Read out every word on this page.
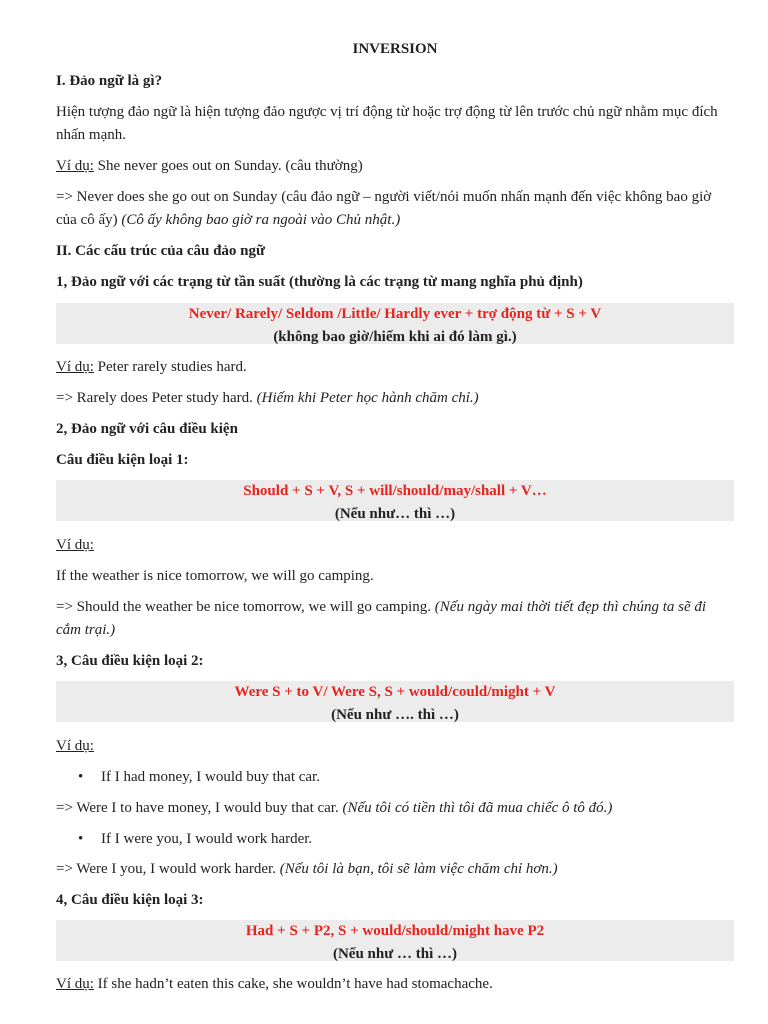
INVERSION

I. Đảo ngữ là gì?

Hiện tượng đảo ngữ là hiện tượng đảo ngược vị trí động từ hoặc trợ động từ lên trước chủ ngữ nhằm mục đích nhấn mạnh.

Ví dụ: She never goes out on Sunday. (câu thường)

=> Never does she go out on Sunday (câu đảo ngữ – người viết/nói muốn nhấn mạnh đến việc không bao giờ của cô ấy) (Cô ấy không bao giờ ra ngoài vào Chủ nhật.)

II. Các cấu trúc của câu đảo ngữ

1, Đảo ngữ với các trạng từ tần suất (thường là các trạng từ mang nghĩa phủ định)

Never/ Rarely/ Seldom /Little/ Hardly ever + trợ động từ + S + V

(không bao giờ/hiếm khi ai đó làm gì.)

Ví dụ: Peter rarely studies hard.

=> Rarely does Peter study hard. (Hiếm khi Peter học hành chăm chỉ.)

2, Đảo ngữ với câu điều kiện

Câu điều kiện loại 1:

Should + S + V, S + will/should/may/shall + V…

(Nếu như… thì …)

Ví dụ:

If the weather is nice tomorrow, we will go camping.

=> Should the weather be nice tomorrow, we will go camping. (Nếu ngày mai thời tiết đẹp thì chúng ta sẽ đi cắm trại.)

3, Câu điều kiện loại 2:

Were S + to V/ Were S, S + would/could/might + V

(Nếu như …. thì …)

Ví dụ:

• If I had money, I would buy that car.

=> Were I to have money, I would buy that car. (Nếu tôi có tiền thì tôi đã mua chiếc ô tô đó.)

• If I were you, I would work harder.

=> Were I you, I would work harder. (Nếu tôi là bạn, tôi sẽ làm việc chăm chỉ hơn.)

4, Câu điều kiện loại 3:

Had + S + P2, S + would/should/might have P2

(Nếu như … thì …)

Ví dụ: If she hadn’t eaten this cake, she wouldn’t have had stomachache.
